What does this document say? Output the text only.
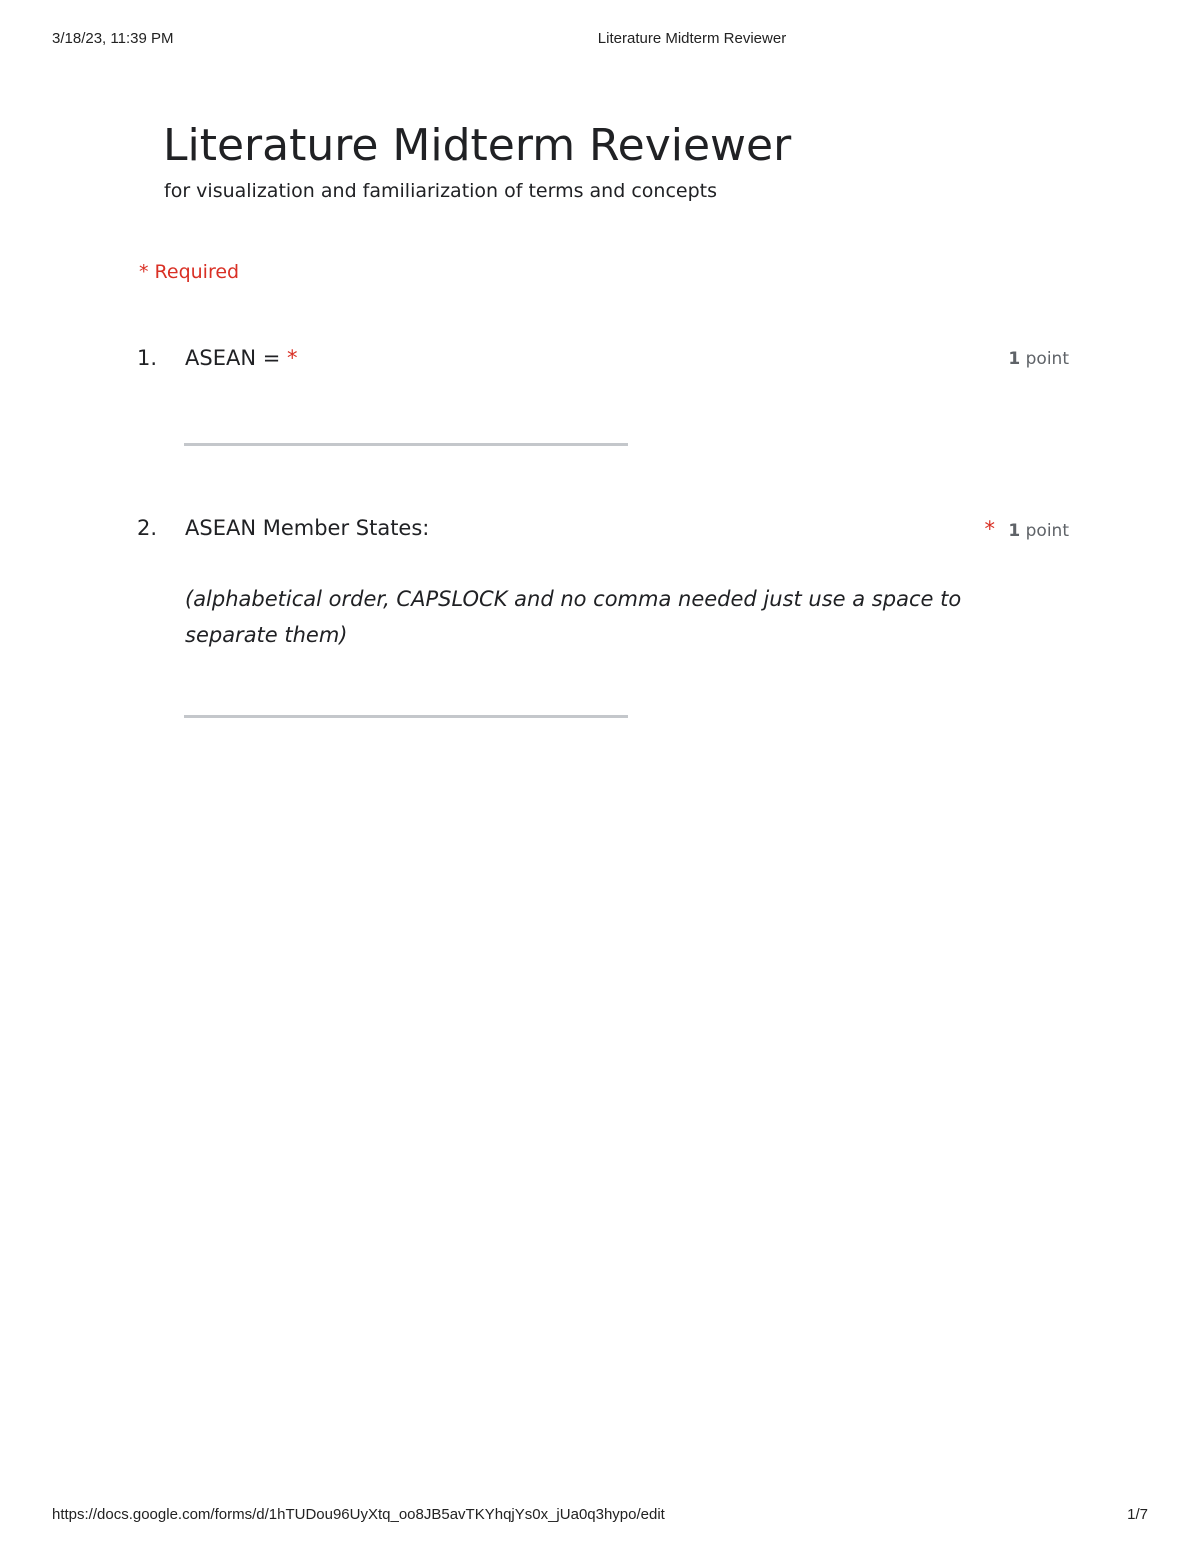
3/18/23, 11:39 PM	Literature Midterm Reviewer
Literature Midterm Reviewer
for visualization and familiarization of terms and concepts
* Required
1. ASEAN = *	1 point
2. ASEAN Member States:	* 1 point
(alphabetical order, CAPSLOCK and no comma needed just use a space to separate them)
https://docs.google.com/forms/d/1hTUDou96UyXtq_oo8JB5avTKYhqjYs0x_jUa0q3hypo/edit	1/7
